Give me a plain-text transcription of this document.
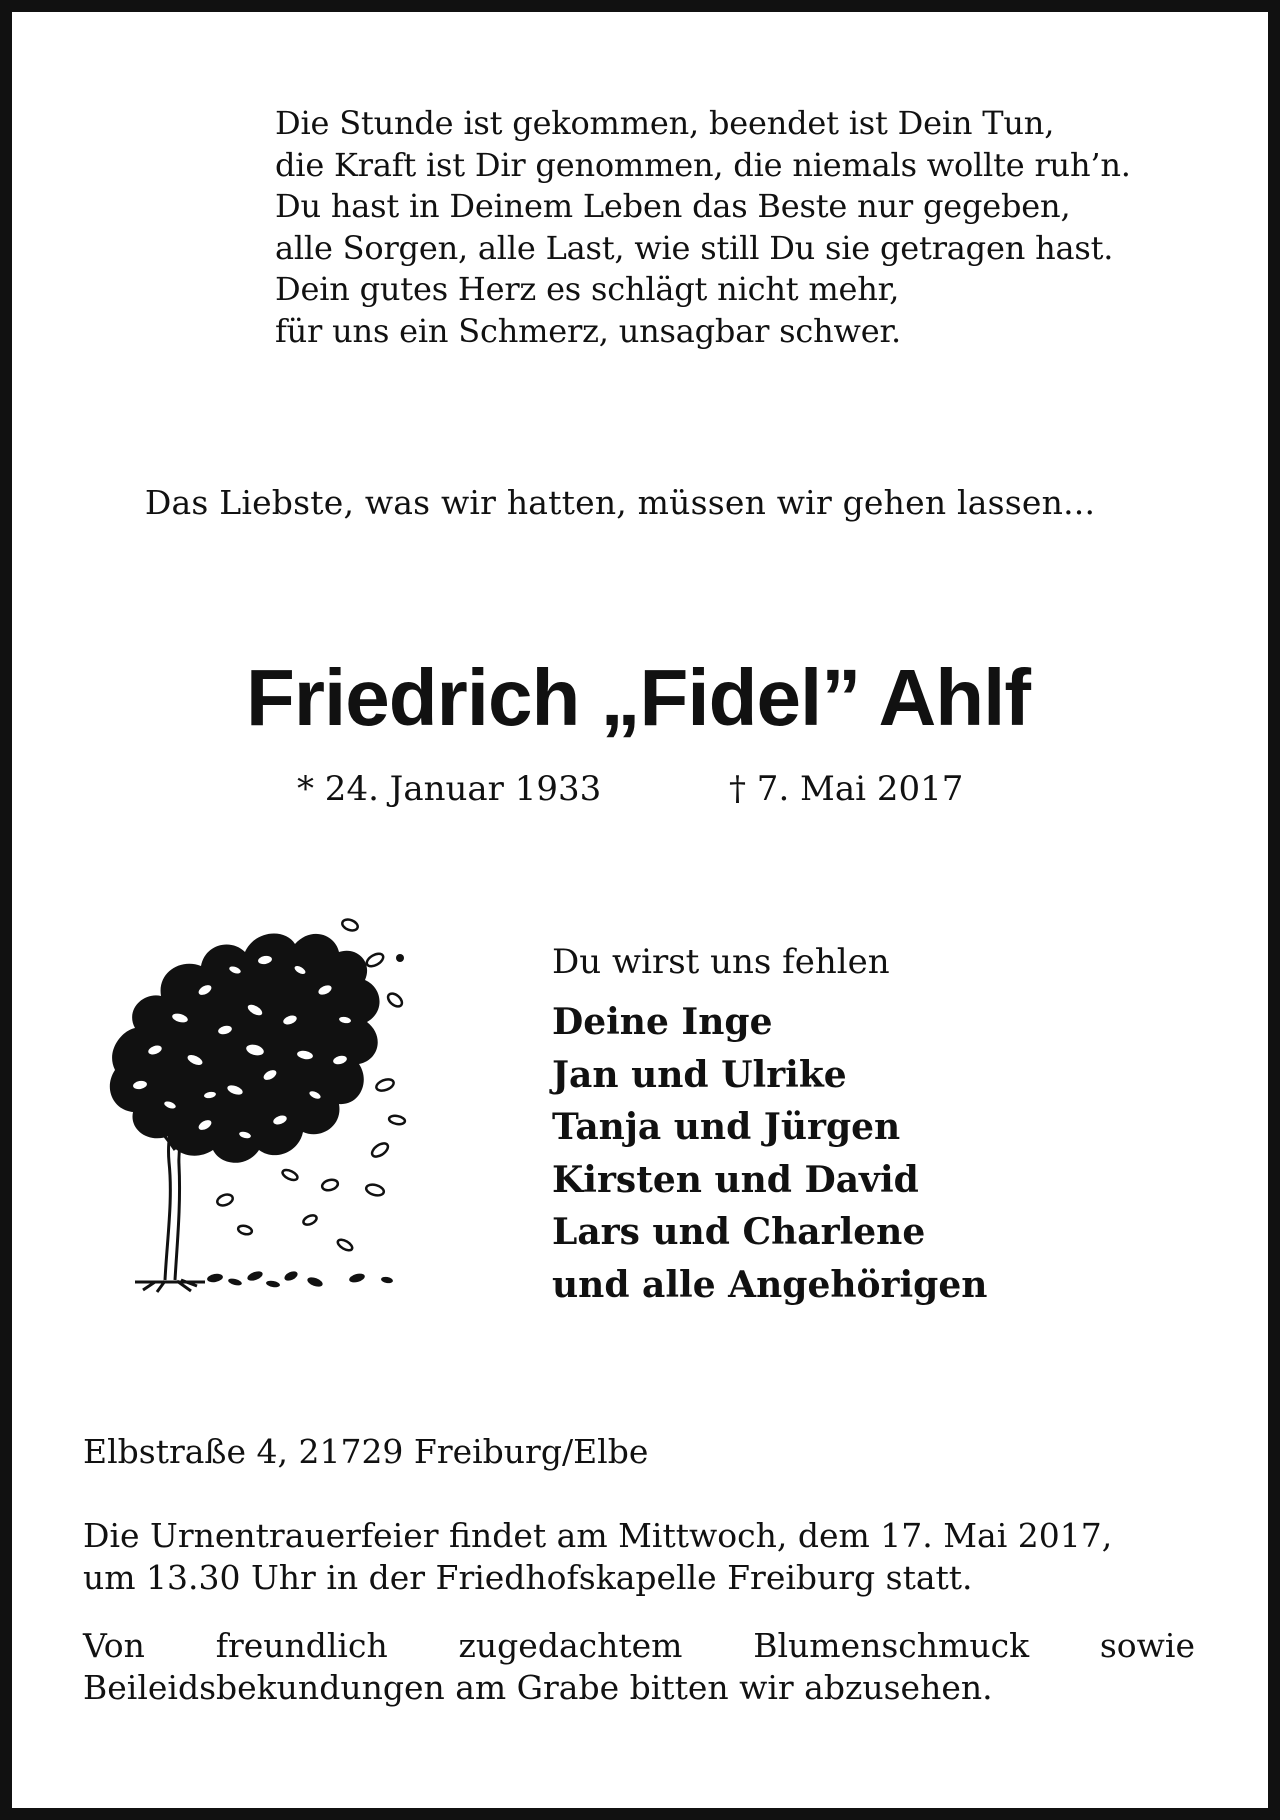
Die Stunde ist gekommen, beendet ist Dein Tun,
die Kraft ist Dir genommen, die niemals wollte ruh’n.
Du hast in Deinem Leben das Beste nur gegeben,
alle Sorgen, alle Last, wie still Du sie getragen hast.
Dein gutes Herz es schlägt nicht mehr,
für uns ein Schmerz, unsagbar schwer.
Das Liebste, was wir hatten, müssen wir gehen lassen...
Friedrich „Fidel” Ahlf
* 24. Januar 1933	† 7. Mai 2017
Du wirst uns fehlen
Deine Inge
Jan und Ulrike
Tanja und Jürgen
Kirsten und David
Lars und Charlene
und alle Angehörigen
Elbstraße 4, 21729 Freiburg/Elbe
Die Urnentrauerfeier findet am Mittwoch, dem 17. Mai 2017,
um 13.30 Uhr in der Friedhofskapelle Freiburg statt.
Von freundlich zugedachtem Blumenschmuck sowie
Beileidsbekundungen am Grabe bitten wir abzusehen.
